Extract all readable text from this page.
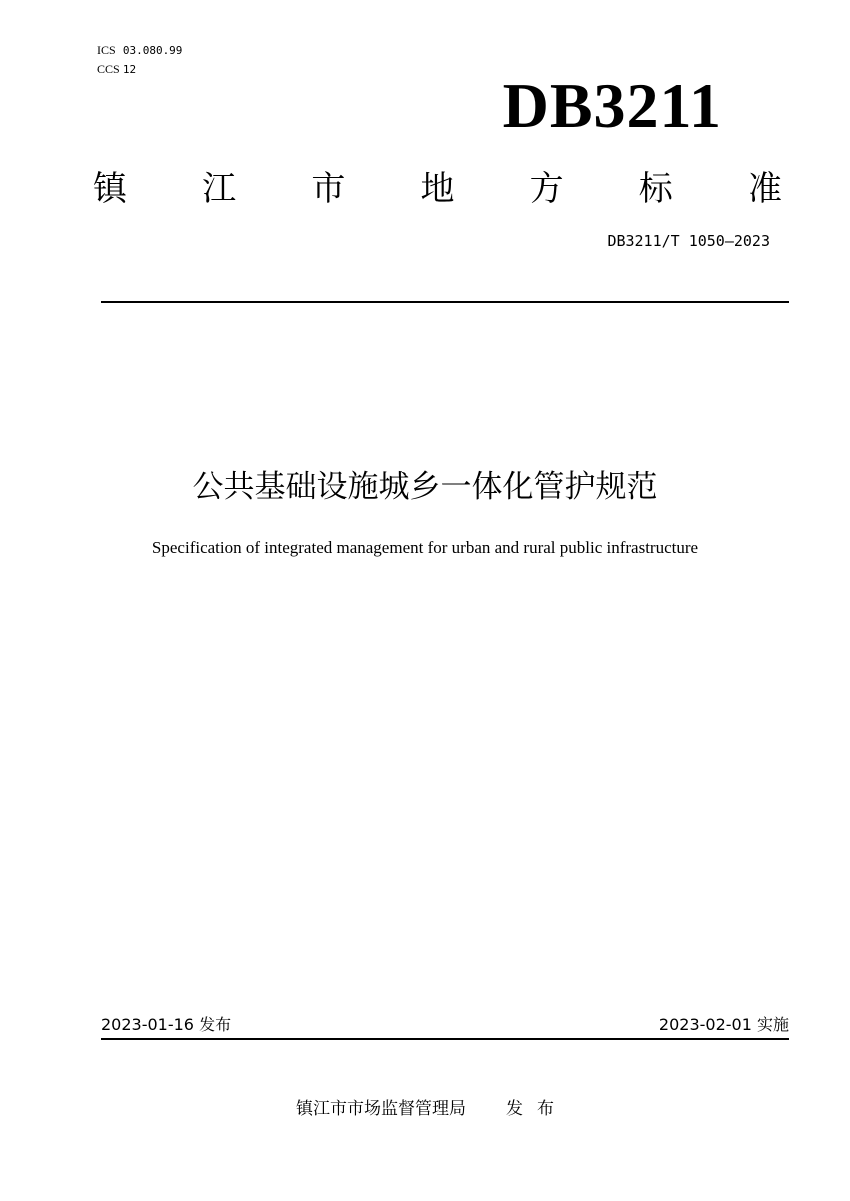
ICS 03.080.99
CCS 12
DB3211
镇 江 市 地 方 标 准
DB3211/T 1050—2023
公共基础设施城乡一体化管护规范
Specification of integrated management for urban and rural public infrastructure
2023-01-16 发布	2023-02-01 实施
镇江市市场监督管理局 发 布
